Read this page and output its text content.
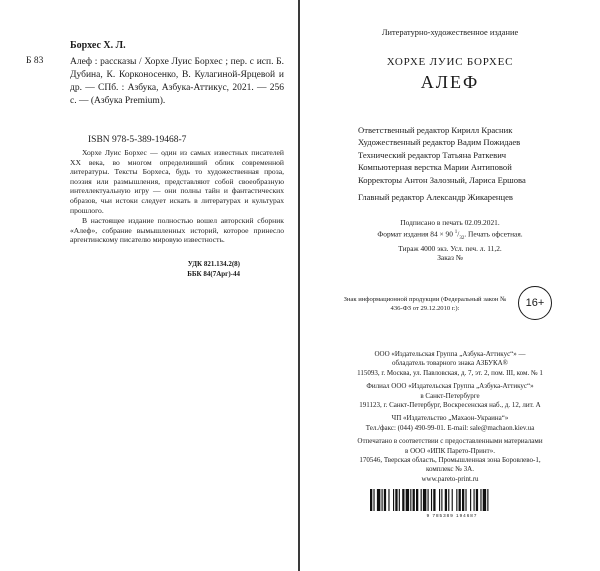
Борхес Х. Л.
Б 83	Алеф : рассказы / Хорхе Луис Борхес ; пер. с исп. Б. Дубина, К. Корконосенко, В. Кулагиной-Ярцевой и др. — СПб. : Азбука, Азбука-Аттикус, 2021. — 256 с. — (Азбука Premium).

ISBN 978-5-389-19468-7

Хорхе Луис Борхес — один из самых известных писателей XX века, во многом определивший облик современной литературы. Тексты Борхеса, будь то художественная проза, поэзия или размышления, представляют собой своеобразную интеллектуальную игру — они полны тайн и фантастических образов, чьи истоки следует искать в литературах и культурах прошлого.

В настоящее издание полностью вошел авторский сборник «Алеф», собрание вымышленных историй, которое принесло аргентинскому писателю мировую известность.

УДК 821.134.2(8)
ББК 84(7Арг)-44
Литературно-художественное издание
ХОРХЕ ЛУИС БОРХЕС
АЛЕФ
Ответственный редактор Кирилл Красник
Художественный редактор Вадим Пожидаев
Технический редактор Татьяна Раткевич
Компьютерная верстка Марии Антиповой
Корректоры Антон Залозный, Лариса Ершова
Главный редактор Александр Жикаренцев
Подписано в печать 02.09.2021.
Формат издания 84 × 90 $^1/_{32}$. Печать офсетная.
Тираж 4000 экз. Усл. печ. л. 11,2.
Заказ №
Знак информационной продукции (Федеральный закон № 436-ФЗ от 29.12.2010 г.):	16+
ООО «Издательская Группа „Азбука-Аттикус“» —
обладатель товарного знака АЗБУКА®
115093, г. Москва, ул. Павловская, д. 7, эт. 2, пом. III, ком. № 1
Филиал ООО «Издательская Группа „Азбука-Аттикус“»
в Санкт-Петербурге
191123, г. Санкт-Петербург, Воскресенская наб., д. 12, лит. А
ЧП «Издательство „Махаон-Украина“»
Тел./факс: (044) 490-99-01. E-mail: sale@machaon.kiev.ua
Отпечатано в соответствии с предоставленными материалами
в ООО «ИПК Парето-Принт».
170546, Тверская область, Промышленная зона Боровлево-1,
комплекс № 3А.
www.pareto-print.ru
9 785389 194687
